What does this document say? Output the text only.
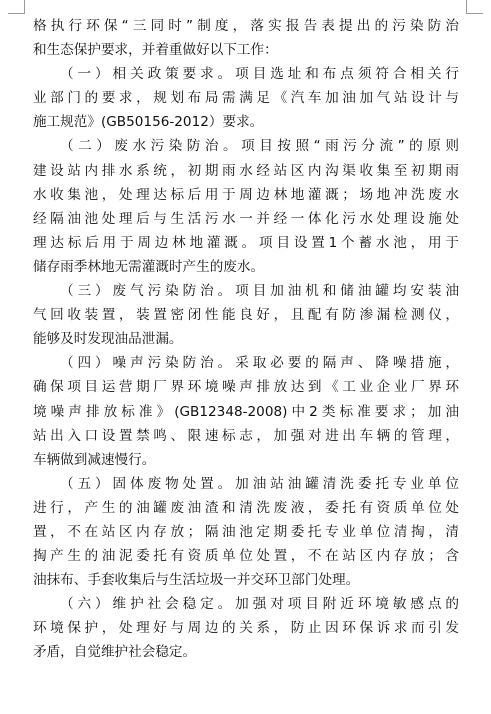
格执行环保“三同时”制度，落实报告表提出的污染防治
和生态保护要求，并着重做好以下工作：
（一）相关政策要求。项目选址和布点须符合相关行
业部门的要求，规划布局需满足《汽车加油加气站设计与
施工规范》(GB50156-2012）要求。
（二）废水污染防治。项目按照“雨污分流”的原则
建设站内排水系统，初期雨水经站区内沟渠收集至初期雨
水收集池，处理达标后用于周边林地灌溉；场地冲洗废水
经隔油池处理后与生活污水一并经一体化污水处理设施处
理达标后用于周边林地灌溉。项目设置1个蓄水池，用于
储存雨季林地无需灌溉时产生的废水。
（三）废气污染防治。项目加油机和储油罐均安装油
气回收装置，装置密闭性能良好，且配有防渗漏检测仪，
能够及时发现油品泄漏。
（四）噪声污染防治。采取必要的隔声、降噪措施，
确保项目运营期厂界环境噪声排放达到《工业企业厂界环
境噪声排放标准》(GB12348-2008)中2类标准要求；加油
站出入口设置禁鸣、限速标志，加强对进出车辆的管理，
车辆做到减速慢行。
（五）固体废物处置。加油站油罐清洗委托专业单位
进行，产生的油罐废油渣和清洗废液，委托有资质单位处
置，不在站区内存放；隔油池定期委托专业单位清掏，清
掏产生的油泥委托有资质单位处置，不在站区内存放；含
油抹布、手套收集后与生活垃圾一并交环卫部门处理。
（六）维护社会稳定。加强对项目附近环境敏感点的
环境保护，处理好与周边的关系，防止因环保诉求而引发
矛盾，自觉维护社会稳定。
